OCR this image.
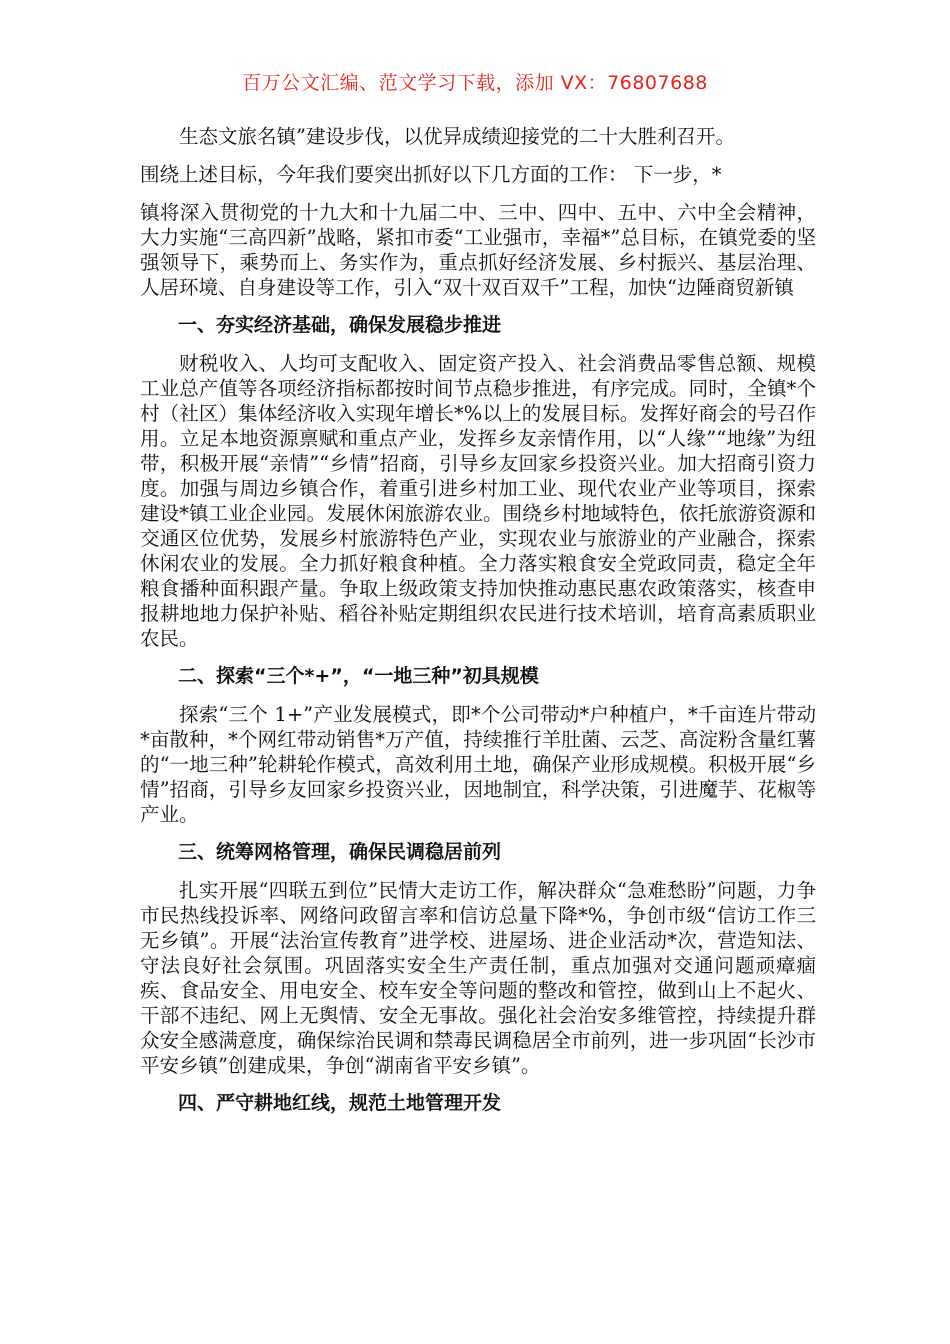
百万公文汇编、范文学习下载，添加 VX：76807688

生态文旅名镇”建设步伐，以优异成绩迎接党的二十大胜利召开。

围绕上述目标，今年我们要突出抓好以下几方面的工作： 下一步，*

镇将深入贯彻党的十九大和十九届二中、三中、四中、五中、六中全会精神，大力实施“三高四新”战略，紧扣市委“工业强市，幸福*”总目标，在镇党委的坚强领导下，乘势而上、务实作为，重点抓好经济发展、乡村振兴、基层治理、人居环境、自身建设等工作，引入“双十双百双千”工程，加快“边陲商贸新镇

一、夯实经济基础，确保发展稳步推进

财税收入、人均可支配收入、固定资产投入、社会消费品零售总额、规模工业总产值等各项经济指标都按时间节点稳步推进，有序完成。同时，全镇*个村（社区）集体经济收入实现年增长*%以上的发展目标。发挥好商会的号召作用。立足本地资源禀赋和重点产业，发挥乡友亲情作用，以“人缘”“地缘”为纽带，积极开展“亲情”“乡情”招商，引导乡友回家乡投资兴业。加大招商引资力度。加强与周边乡镇合作，着重引进乡村加工业、现代农业产业等项目，探索建设*镇工业企业园。发展休闲旅游农业。围绕乡村地域特色，依托旅游资源和交通区位优势，发展乡村旅游特色产业，实现农业与旅游业的产业融合，探索休闲农业的发展。全力抓好粮食种植。全力落实粮食安全党政同责，稳定全年粮食播种面积跟产量。争取上级政策支持加快推动惠民惠农政策落实，核查申报耕地地力保护补贴、稻谷补贴定期组织农民进行技术培训，培育高素质职业农民。

二、探索“三个*+”，“一地三种”初具规模

探索“三个 1+”产业发展模式，即*个公司带动*户种植户，*千亩连片带动*亩散种，*个网红带动销售*万产值，持续推行羊肚菌、云芝、高淀粉含量红薯的“一地三种”轮耕轮作模式，高效利用土地，确保产业形成规模。积极开展“乡情”招商，引导乡友回家乡投资兴业，因地制宜，科学决策，引进魔芋、花椒等产业。

三、统筹网格管理，确保民调稳居前列

扎实开展“四联五到位”民情大走访工作，解决群众“急难愁盼”问题，力争市民热线投诉率、网络问政留言率和信访总量下降*%，争创市级“信访工作三无乡镇”。开展“法治宣传教育”进学校、进屋场、进企业活动*次，营造知法、守法良好社会氛围。巩固落实安全生产责任制，重点加强对交通问题顽瘴痼疾、食品安全、用电安全、校车安全等问题的整改和管控，做到山上不起火、干部不违纪、网上无舆情、安全无事故。强化社会治安多维管控，持续提升群众安全感满意度，确保综治民调和禁毒民调稳居全市前列，进一步巩固“长沙市平安乡镇”创建成果，争创“湖南省平安乡镇”。

四、严守耕地红线，规范土地管理开发
